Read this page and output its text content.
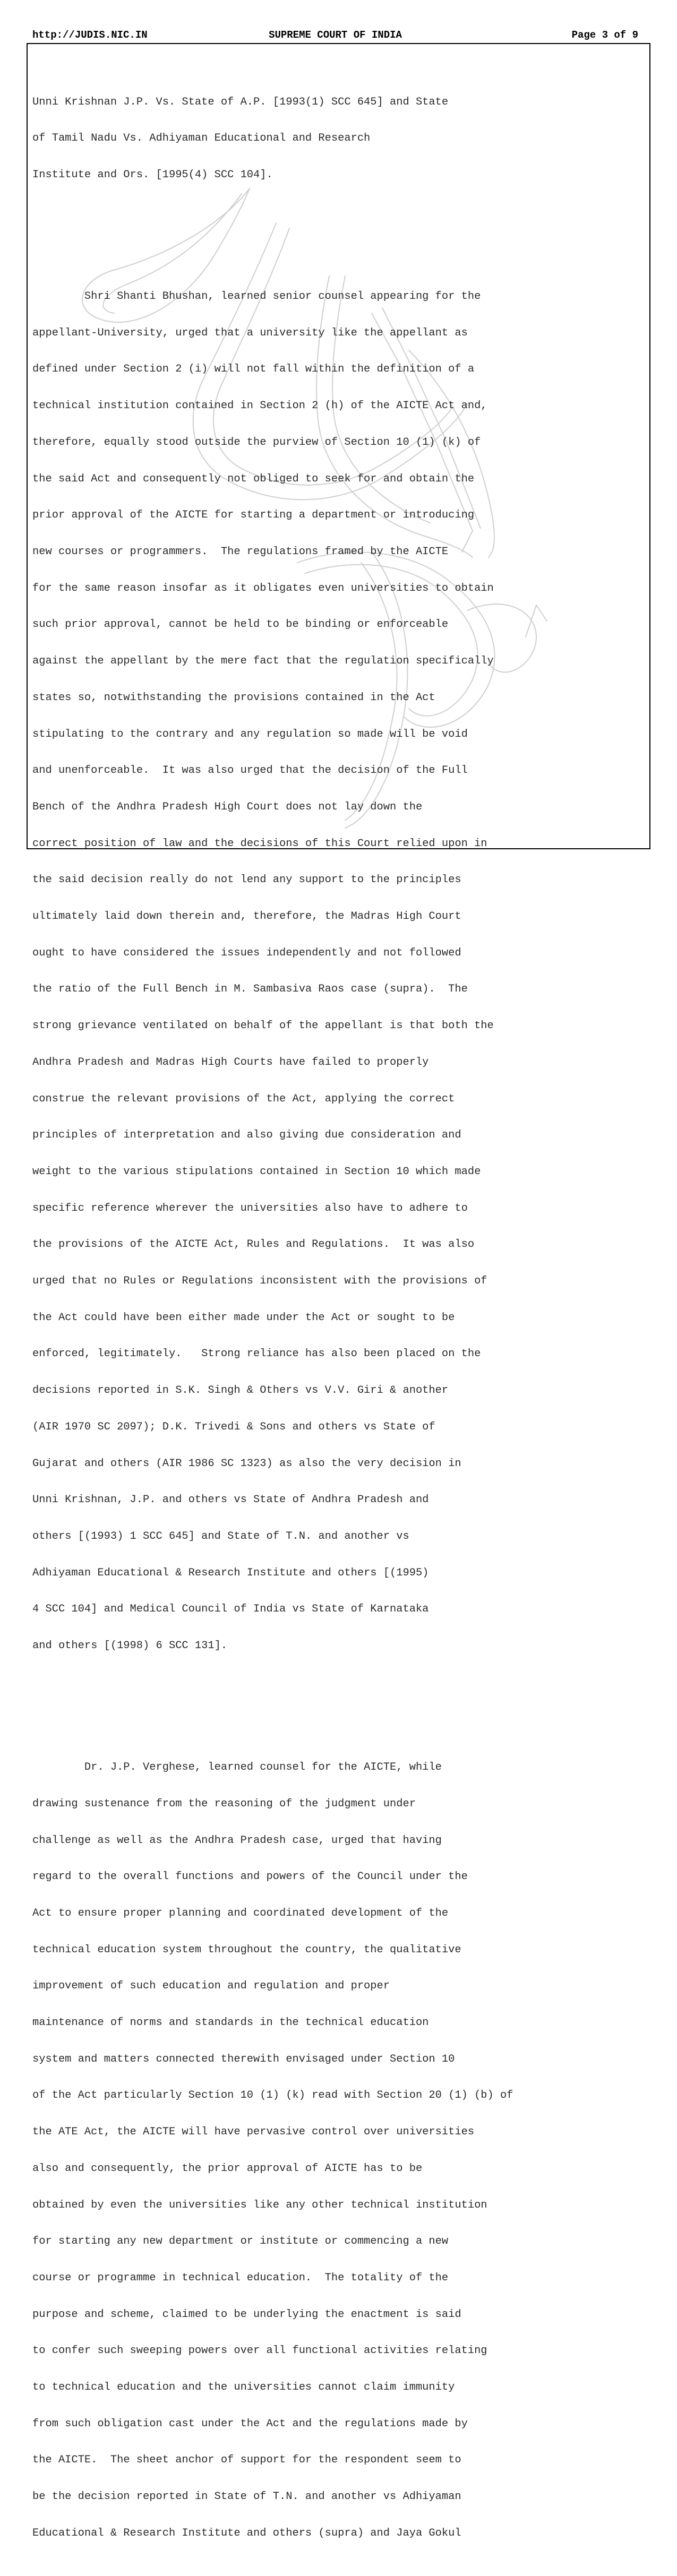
http://JUDIS.NIC.IN	SUPREME COURT OF INDIA	Page 3 of 9

Unni Krishnan J.P. Vs. State of A.P. [1993(1) SCC 645] and State

of Tamil Nadu Vs. Adhiyaman Educational and Research

Institute and Ors. [1995(4) SCC 104].

Shri Shanti Bhushan, learned senior counsel appearing for the

appellant-University, urged that a university like the appellant as

defined under Section 2 (i) will not fall within the definition of a

technical institution contained in Section 2 (h) of the AICTE Act and,

therefore, equally stood outside the purview of Section 10 (1) (k) of

the said Act and consequently not obliged to seek for and obtain the

prior approval of the AICTE for starting a department or introducing

new courses or programmers.  The regulations framed by the AICTE

for the same reason insofar as it obligates even universities to obtain

such prior approval, cannot be held to be binding or enforceable

against the appellant by the mere fact that the regulation specifically

states so, notwithstanding the provisions contained in the Act

stipulating to the contrary and any regulation so made will be void

and unenforceable.  It was also urged that the decision of the Full

Bench of the Andhra Pradesh High Court does not lay down the

correct position of law and the decisions of this Court relied upon in

the said decision really do not lend any support to the principles

ultimately laid down therein and, therefore, the Madras High Court

ought to have considered the issues independently and not followed

the ratio of the Full Bench in M. Sambasiva Raos case (supra).  The

strong grievance ventilated on behalf of the appellant is that both the

Andhra Pradesh and Madras High Courts have failed to properly

construe the relevant provisions of the Act, applying the correct

principles of interpretation and also giving due consideration and

weight to the various stipulations contained in Section 10 which made

specific reference wherever the universities also have to adhere to

the provisions of the AICTE Act, Rules and Regulations.  It was also

urged that no Rules or Regulations inconsistent with the provisions of

the Act could have been either made under the Act or sought to be

enforced, legitimately.   Strong reliance has also been placed on the

decisions reported in S.K. Singh & Others vs V.V. Giri & another

(AIR 1970 SC 2097); D.K. Trivedi & Sons and others vs State of

Gujarat and others (AIR 1986 SC 1323) as also the very decision in

Unni Krishnan, J.P. and others vs State of Andhra Pradesh and

others [(1993) 1 SCC 645] and State of T.N. and another vs

Adhiyaman Educational & Research Institute and others [(1995)

4 SCC 104] and Medical Council of India vs State of Karnataka

and others [(1998) 6 SCC 131].

Dr. J.P. Verghese, learned counsel for the AICTE, while

drawing sustenance from the reasoning of the judgment under

challenge as well as the Andhra Pradesh case, urged that having

regard to the overall functions and powers of the Council under the

Act to ensure proper planning and coordinated development of the

technical education system throughout the country, the qualitative

improvement of such education and regulation and proper

maintenance of norms and standards in the technical education

system and matters connected therewith envisaged under Section 10

of the Act particularly Section 10 (1) (k) read with Section 20 (1) (b) of

the ATE Act, the AICTE will have pervasive control over universities

also and consequently, the prior approval of AICTE has to be

obtained by even the universities like any other technical institution

for starting any new department or institute or commencing a new

course or programme in technical education.  The totality of the

purpose and scheme, claimed to be underlying the enactment is said

to confer such sweeping powers over all functional activities relating

to technical education and the universities cannot claim immunity

from such obligation cast under the Act and the regulations made by

the AICTE.  The sheet anchor of support for the respondent seem to

be the decision reported in State of T.N. and another vs Adhiyaman

Educational & Research Institute and others (supra) and Jaya Gokul
